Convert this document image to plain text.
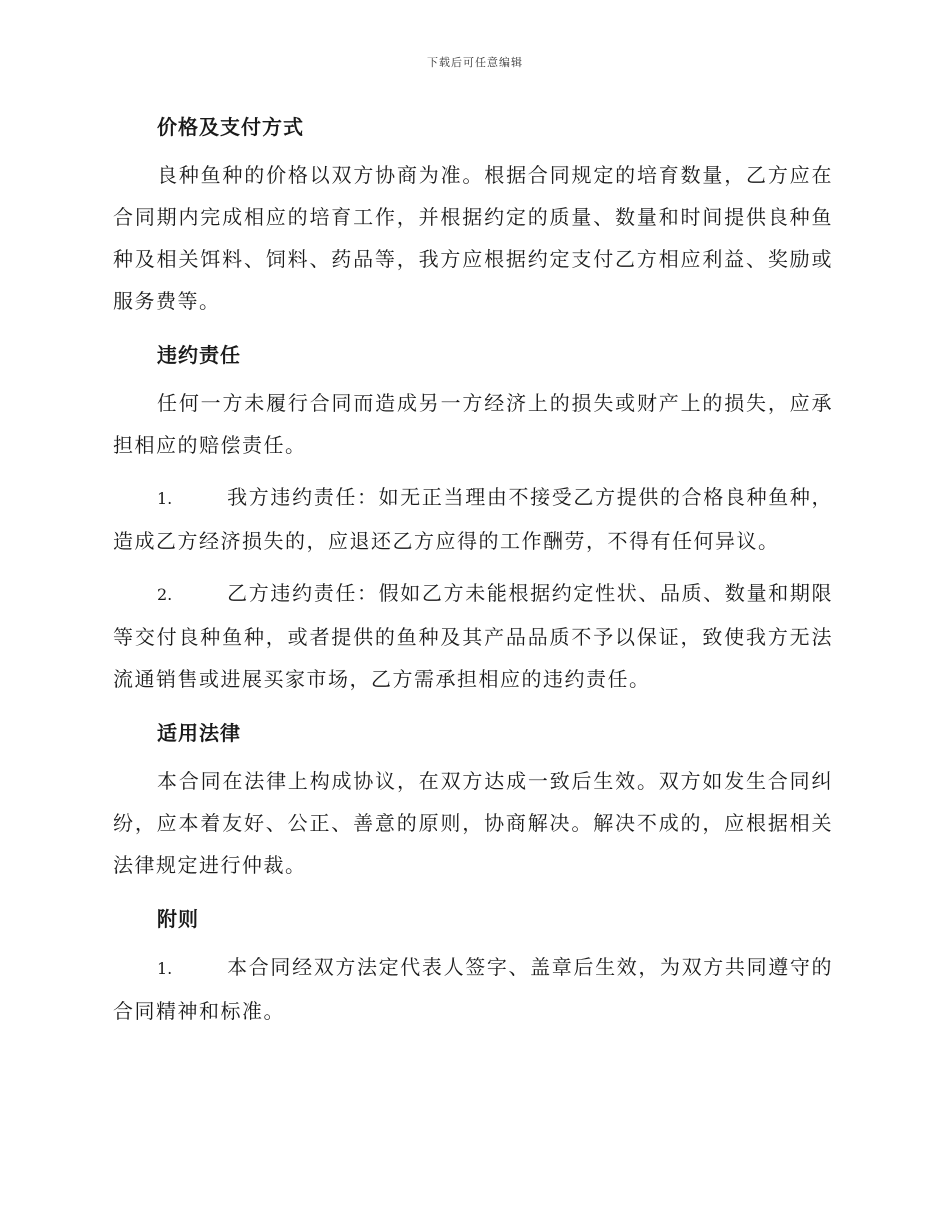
下载后可任意编辑
价格及支付方式

良种鱼种的价格以双方协商为准。根据合同规定的培育数量，乙方应在合同期内完成相应的培育工作，并根据约定的质量、数量和时间提供良种鱼种及相关饵料、饲料、药品等，我方应根据约定支付乙方相应利益、奖励或服务费等。

违约责任

任何一方未履行合同而造成另一方经济上的损失或财产上的损失，应承担相应的赔偿责任。

1.	我方违约责任：如无正当理由不接受乙方提供的合格良种鱼种，造成乙方经济损失的，应退还乙方应得的工作酬劳，不得有任何异议。

2.	乙方违约责任：假如乙方未能根据约定性状、品质、数量和期限等交付良种鱼种，或者提供的鱼种及其产品品质不予以保证，致使我方无法流通销售或进展买家市场，乙方需承担相应的违约责任。

适用法律

本合同在法律上构成协议，在双方达成一致后生效。双方如发生合同纠纷，应本着友好、公正、善意的原则，协商解决。解决不成的，应根据相关法律规定进行仲裁。

附则

1.	本合同经双方法定代表人签字、盖章后生效，为双方共同遵守的合同精神和标准。
